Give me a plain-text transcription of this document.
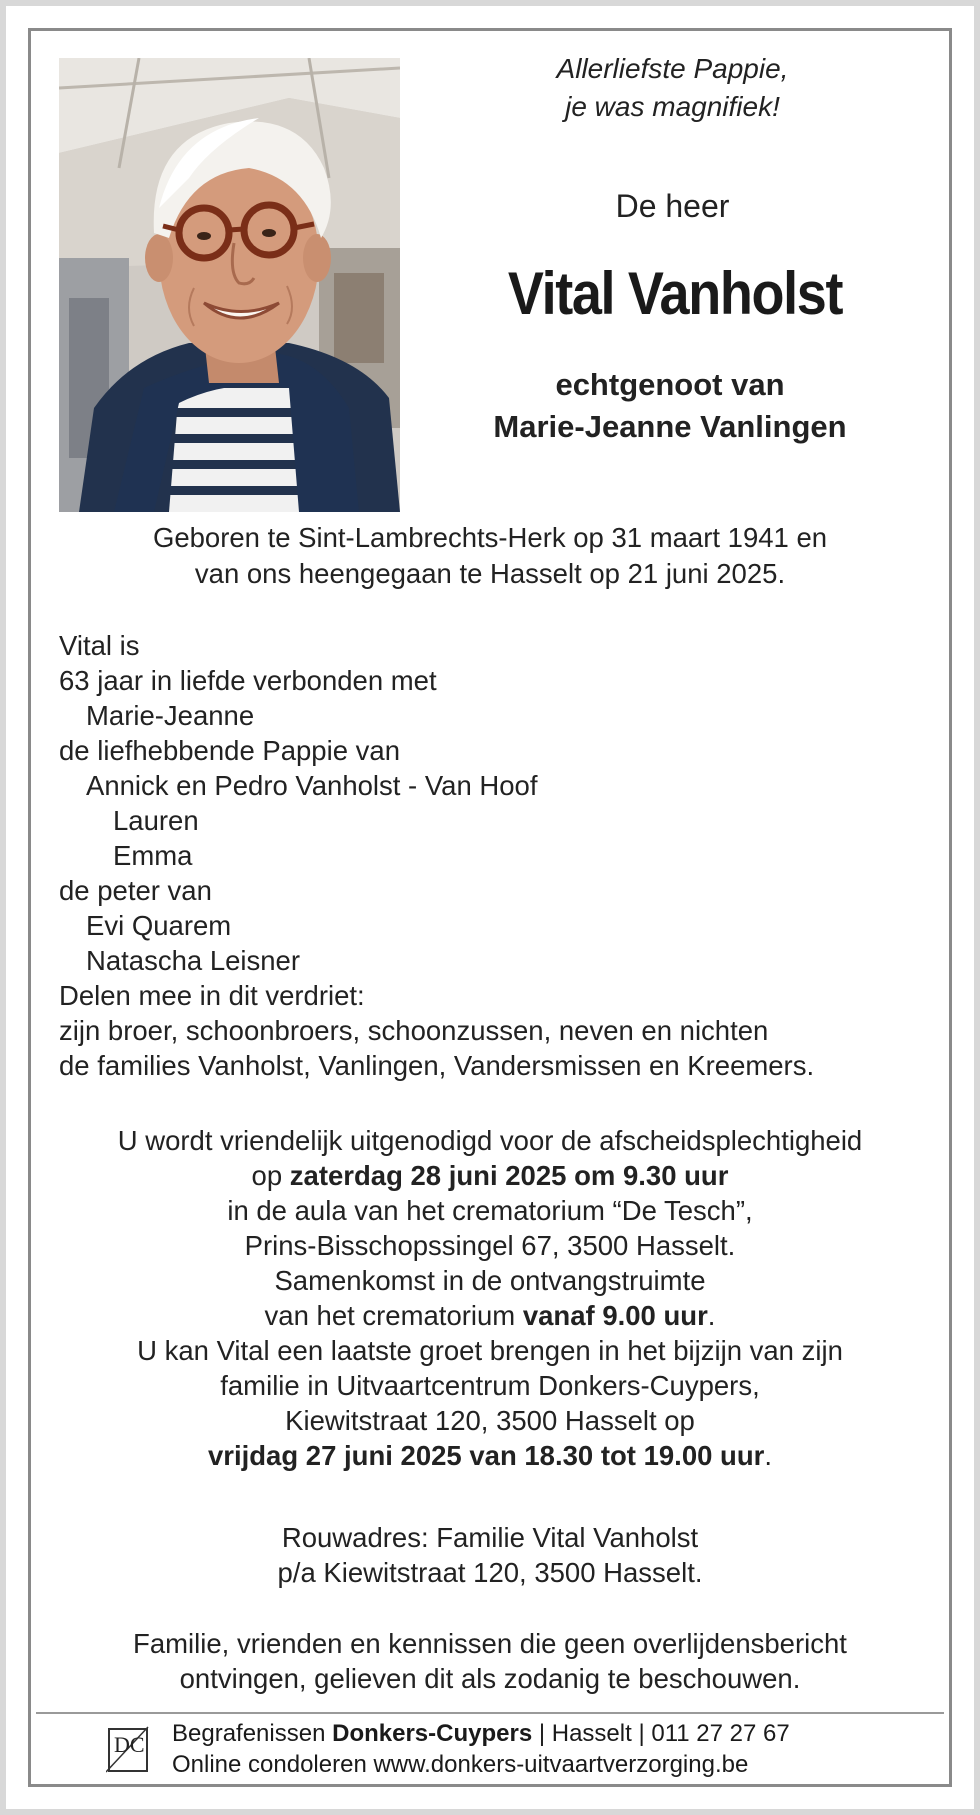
Allerliefste Pappie,
je was magnifiek!
De heer
Vital Vanholst
echtgenoot van
Marie-Jeanne Vanlingen
Geboren te Sint-Lambrechts-Herk op 31 maart 1941 en
van ons heengegaan te Hasselt op 21 juni 2025.
Vital is
63 jaar in liefde verbonden met
Marie-Jeanne
de liefhebbende Pappie van
Annick en Pedro Vanholst - Van Hoof
Lauren
Emma
de peter van
Evi Quarem
Natascha Leisner
Delen mee in dit verdriet:
zijn broer, schoonbroers, schoonzussen, neven en nichten
de families Vanholst, Vanlingen, Vandersmissen en Kreemers.
U wordt vriendelijk uitgenodigd voor de afscheidsplechtigheid
op zaterdag 28 juni 2025 om 9.30 uur
in de aula van het crematorium “De Tesch”,
Prins-Bisschopssingel 67, 3500 Hasselt.
Samenkomst in de ontvangstruimte
van het crematorium vanaf 9.00 uur.
U kan Vital een laatste groet brengen in het bijzijn van zijn
familie in Uitvaartcentrum Donkers-Cuypers,
Kiewitstraat 120, 3500 Hasselt op
vrijdag 27 juni 2025 van 18.30 tot 19.00 uur.
Rouwadres: Familie Vital Vanholst
p/a Kiewitstraat 120, 3500 Hasselt.
Familie, vrienden en kennissen die geen overlijdensbericht
ontvingen, gelieven dit als zodanig te beschouwen.
DC Begrafenissen Donkers-Cuypers | Hasselt | 011 27 27 67
Online condoleren www.donkers-uitvaartverzorging.be
